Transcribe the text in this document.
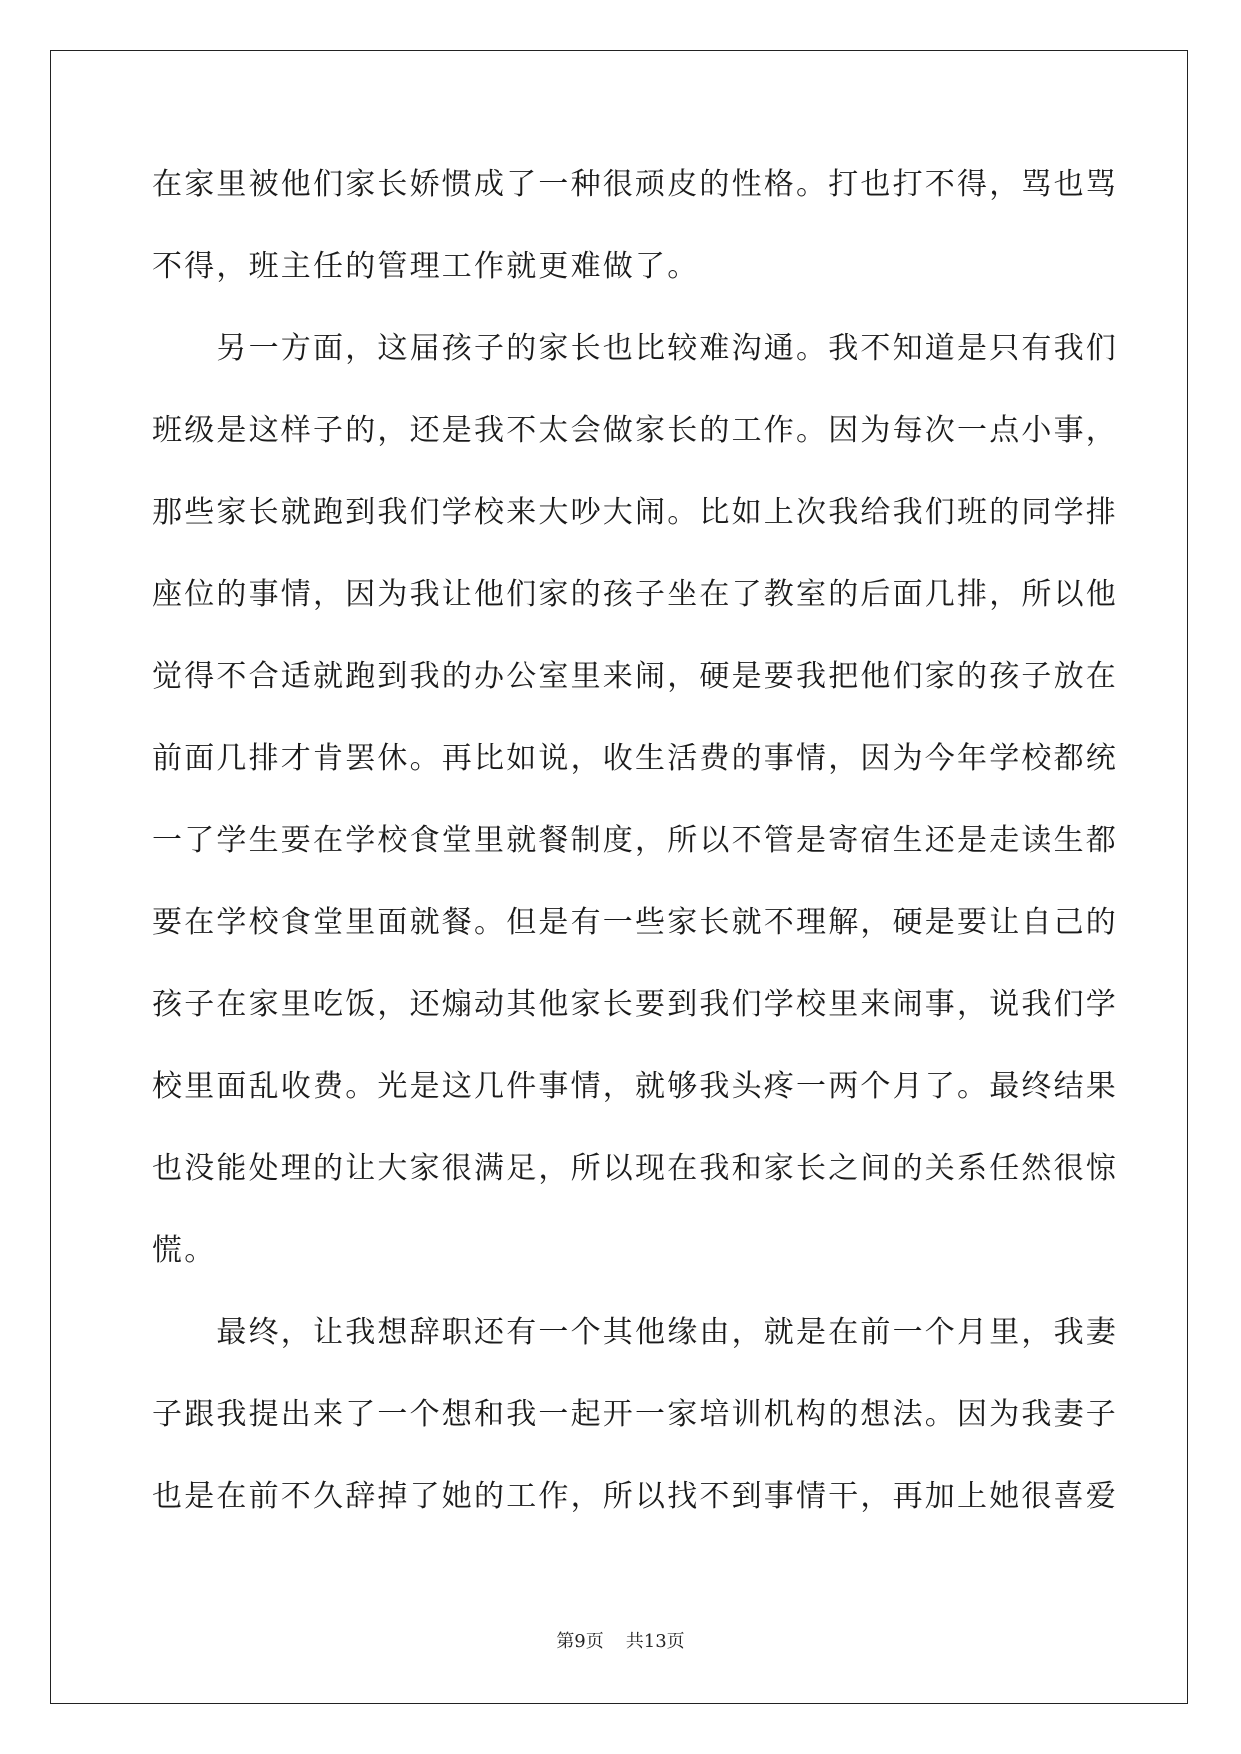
在家里被他们家长娇惯成了一种很顽皮的性格。打也打不得，骂也骂
不得，班主任的管理工作就更难做了。
　　另一方面，这届孩子的家长也比较难沟通。我不知道是只有我们
班级是这样子的，还是我不太会做家长的工作。因为每次一点小事，
那些家长就跑到我们学校来大吵大闹。比如上次我给我们班的同学排
座位的事情，因为我让他们家的孩子坐在了教室的后面几排，所以他
觉得不合适就跑到我的办公室里来闹，硬是要我把他们家的孩子放在
前面几排才肯罢休。再比如说，收生活费的事情，因为今年学校都统
一了学生要在学校食堂里就餐制度，所以不管是寄宿生还是走读生都
要在学校食堂里面就餐。但是有一些家长就不理解，硬是要让自己的
孩子在家里吃饭，还煽动其他家长要到我们学校里来闹事，说我们学
校里面乱收费。光是这几件事情，就够我头疼一两个月了。最终结果
也没能处理的让大家很满足，所以现在我和家长之间的关系任然很惊
慌。
　　最终，让我想辞职还有一个其他缘由，就是在前一个月里，我妻
子跟我提出来了一个想和我一起开一家培训机构的想法。因为我妻子
也是在前不久辞掉了她的工作，所以找不到事情干，再加上她很喜爱
第9页 共13页
